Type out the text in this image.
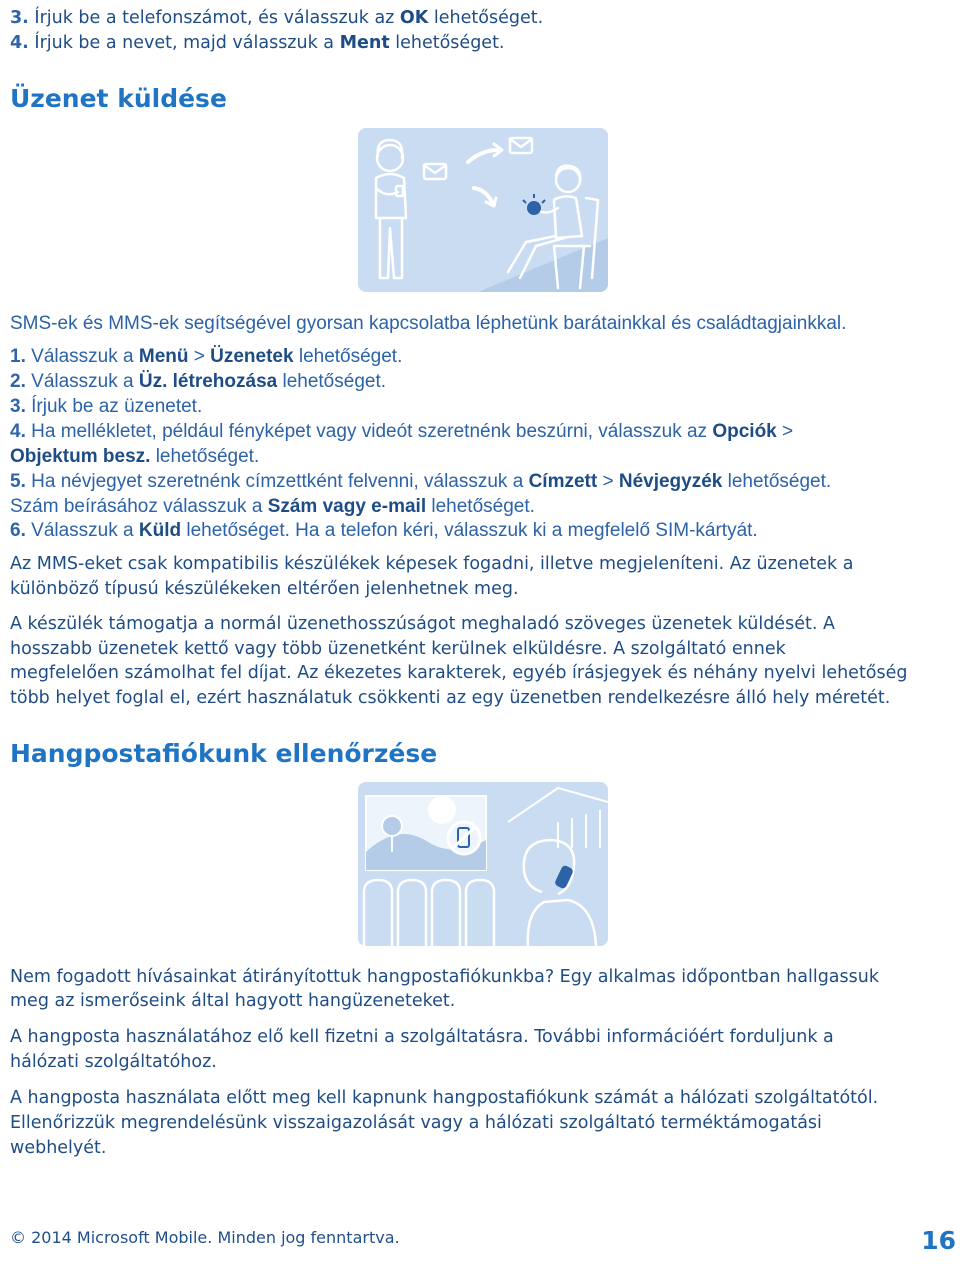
3. Írjuk be a telefonszámot, és válasszuk az OK lehetőséget.
4. Írjuk be a nevet, majd válasszuk a Ment lehetőséget.
Üzenet küldése
SMS-ek és MMS-ek segítségével gyorsan kapcsolatba léphetünk barátainkkal és családtagjainkkal.
1. Válasszuk a Menü > Üzenetek lehetőséget.
2. Válasszuk a Üz. létrehozása lehetőséget.
3. Írjuk be az üzenetet.
4. Ha mellékletet, például fényképet vagy videót szeretnénk beszúrni, válasszuk az Opciók >
Objektum besz. lehetőséget.
5. Ha névjegyet szeretnénk címzettként felvenni, válasszuk a Címzett > Névjegyzék lehetőséget.
Szám beírásához válasszuk a Szám vagy e-mail lehetőséget.
6. Válasszuk a Küld lehetőséget. Ha a telefon kéri, válasszuk ki a megfelelő SIM-kártyát.
Az MMS-eket csak kompatibilis készülékek képesek fogadni, illetve megjeleníteni. Az üzenetek a
különböző típusú készülékeken eltérően jelenhetnek meg.
A készülék támogatja a normál üzenethosszúságot meghaladó szöveges üzenetek küldését. A
hosszabb üzenetek kettő vagy több üzenetként kerülnek elküldésre. A szolgáltató ennek
megfelelően számolhat fel díjat. Az ékezetes karakterek, egyéb írásjegyek és néhány nyelvi lehetőség
több helyet foglal el, ezért használatuk csökkenti az egy üzenetben rendelkezésre álló hely méretét.
Hangpostafiókunk ellenőrzése
Nem fogadott hívásainkat átirányítottuk hangpostafiókunkba? Egy alkalmas időpontban hallgassuk
meg az ismerőseink által hagyott hangüzeneteket.
A hangposta használatához elő kell fizetni a szolgáltatásra. További információért forduljunk a
hálózati szolgáltatóhoz.
A hangposta használata előtt meg kell kapnunk hangpostafiókunk számát a hálózati szolgáltatótól.
Ellenőrizzük megrendelésünk visszaigazolását vagy a hálózati szolgáltató terméktámogatási
webhelyét.
© 2014 Microsoft Mobile. Minden jog fenntartva.	16
